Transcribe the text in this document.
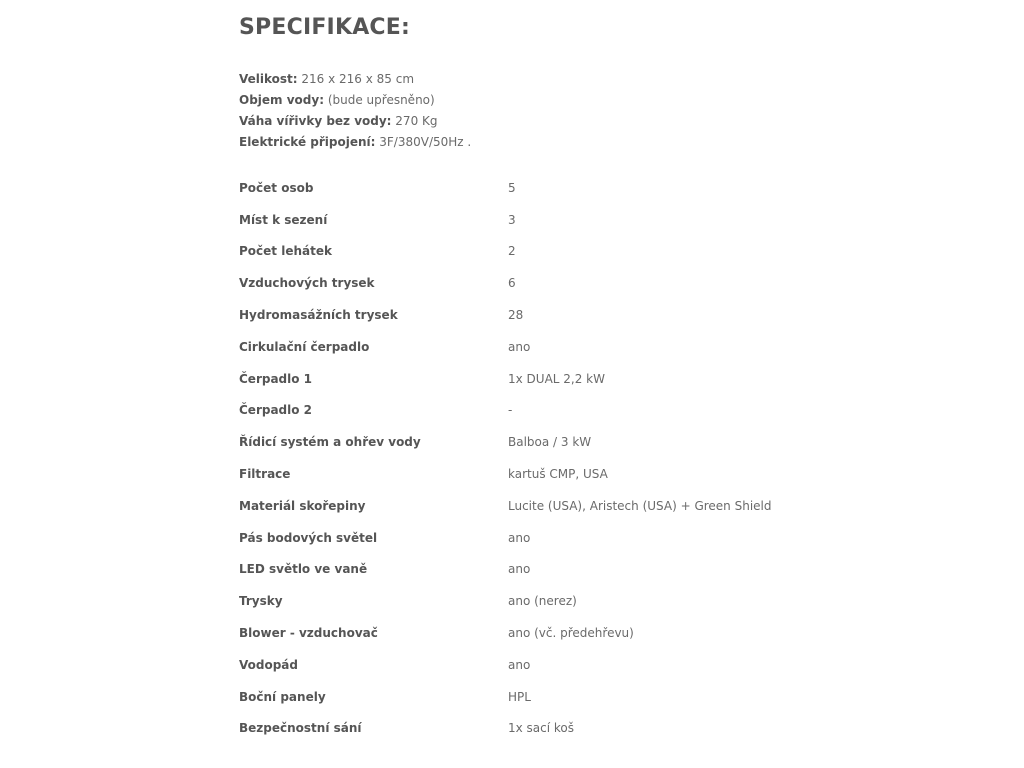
SPECIFIKACE:
Velikost: 216 x 216 x 85 cm
Objem vody: (bude upřesněno)
Váha vířivky bez vody: 270 Kg
Elektrické připojení: 3F/380V/50Hz .
Počet osob	5
Míst k sezení	3
Počet lehátek	2
Vzduchových trysek	6
Hydromasážních trysek	28
Cirkulační čerpadlo	ano
Čerpadlo 1	1x DUAL 2,2 kW
Čerpadlo 2	-
Řídicí systém a ohřev vody	Balboa / 3 kW
Filtrace	kartuš CMP, USA
Materiál skořepiny	Lucite (USA), Aristech (USA) + Green Shield
Pás bodových světel	ano
LED světlo ve vaně	ano
Trysky	ano (nerez)
Blower - vzduchovač	ano (vč. předehřevu)
Vodopád	ano
Boční panely	HPL
Bezpečnostní sání	1x sací koš
